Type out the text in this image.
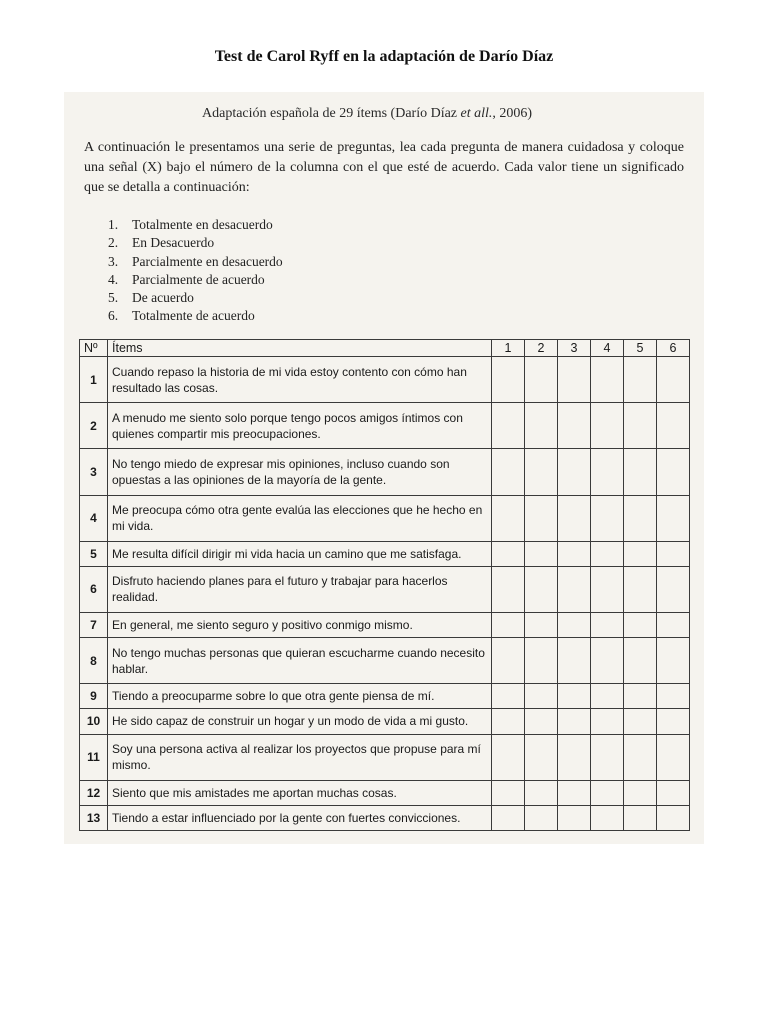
Test de Carol Ryff en la adaptación de Darío Díaz
Adaptación española de 29 ítems (Darío Díaz et all., 2006)
A continuación le presentamos una serie de preguntas, lea cada pregunta de manera cuidadosa y coloque una señal (X) bajo el número de la columna con el que esté de acuerdo. Cada valor tiene un significado que se detalla a continuación:
1.	Totalmente en desacuerdo
2.	En Desacuerdo
3.	Parcialmente en desacuerdo
4.	Parcialmente de acuerdo
5.	De acuerdo
6.	Totalmente de acuerdo
Nº	Ítems	1	2	3	4	5	6
1	Cuando repaso la historia de mi vida estoy contento con cómo han resultado las cosas.						
2	A menudo me siento solo porque tengo pocos amigos íntimos con quienes compartir mis preocupaciones.						
3	No tengo miedo de expresar mis opiniones, incluso cuando son opuestas a las opiniones de la mayoría de la gente.						
4	Me preocupa cómo otra gente evalúa las elecciones que he hecho en mi vida.						
5	Me resulta difícil dirigir mi vida hacia un camino que me satisfaga.						
6	Disfruto haciendo planes para el futuro y trabajar para hacerlos realidad.						
7	En general, me siento seguro y positivo conmigo mismo.						
8	No tengo muchas personas que quieran escucharme cuando necesito hablar.						
9	Tiendo a preocuparme sobre lo que otra gente piensa de mí.						
10	He sido capaz de construir un hogar y un modo de vida a mi gusto.						
11	Soy una persona activa al realizar los proyectos que propuse para mí mismo.						
12	Siento que mis amistades me aportan muchas cosas.						
13	Tiendo a estar influenciado por la gente con fuertes convicciones.						
